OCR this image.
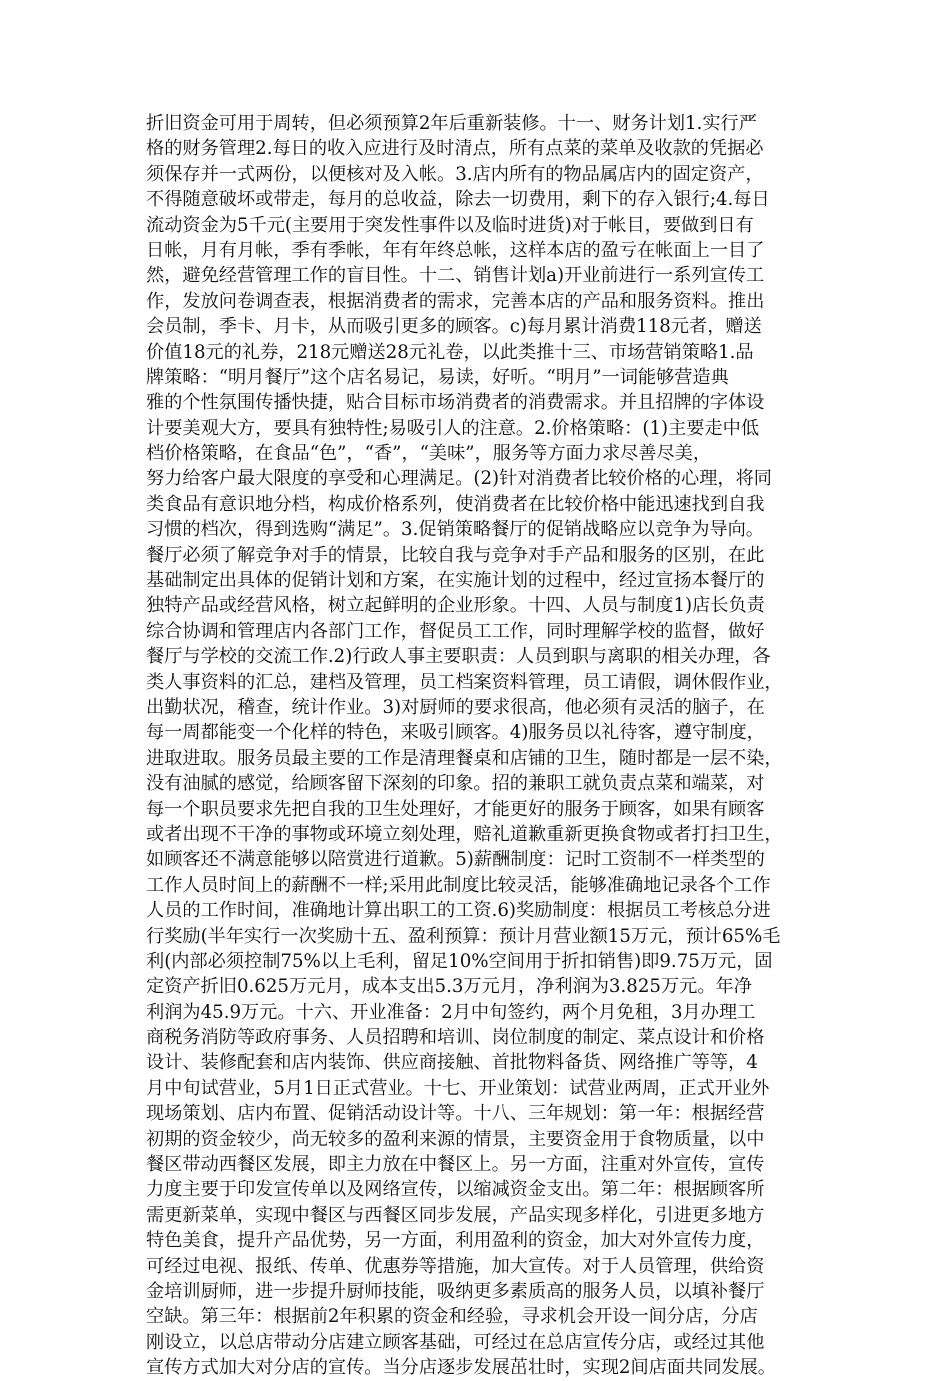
折旧资金可用于周转，但必须预算2年后重新装修。十一、财务计划1.实行严
格的财务管理2.每日的收入应进行及时清点，所有点菜的菜单及收款的凭据必
须保存并一式两份，以便核对及入帐。3.店内所有的物品属店内的固定资产，
不得随意破坏或带走，每月的总收益，除去一切费用，剩下的存入银行;4.每日
流动资金为5千元(主要用于突发性事件以及临时进货)对于帐目，要做到日有
日帐，月有月帐，季有季帐，年有年终总帐，这样本店的盈亏在帐面上一目了
然，避免经营管理工作的盲目性。十二、销售计划a)开业前进行一系列宣传工
作，发放问卷调查表，根据消费者的需求，完善本店的产品和服务资料。推出
会员制，季卡、月卡，从而吸引更多的顾客。c)每月累计消费118元者，赠送
价值18元的礼券，218元赠送28元礼卷，以此类推十三、市场营销策略1.品
牌策略：“明月餐厅”这个店名易记，易读，好听。“明月”一词能够营造典
雅的个性氛围传播快捷，贴合目标市场消费者的消费需求。并且招牌的字体设
计要美观大方，要具有独特性;易吸引人的注意。2.价格策略：(1)主要走中低
档价格策略，在食品“色”，“香”，“美味”，服务等方面力求尽善尽美，
努力给客户最大限度的享受和心理满足。(2)针对消费者比较价格的心理，将同
类食品有意识地分档，构成价格系列，使消费者在比较价格中能迅速找到自我
习惯的档次，得到选购“满足”。3.促销策略餐厅的促销战略应以竞争为导向。
餐厅必须了解竞争对手的情景，比较自我与竞争对手产品和服务的区别，在此
基础制定出具体的促销计划和方案，在实施计划的过程中，经过宣扬本餐厅的
独特产品或经营风格，树立起鲜明的企业形象。十四、人员与制度1)店长负责
综合协调和管理店内各部门工作，督促员工工作，同时理解学校的监督，做好
餐厅与学校的交流工作.2)行政人事主要职责：人员到职与离职的相关办理，各
类人事资料的汇总，建档及管理，员工档案资料管理，员工请假，调休假作业，
出勤状况，稽查，统计作业。3)对厨师的要求很高，他必须有灵活的脑子，在
每一周都能变一个化样的特色，来吸引顾客。4)服务员以礼待客，遵守制度，
进取进取。服务员最主要的工作是清理餐桌和店铺的卫生，随时都是一层不染，
没有油腻的感觉，给顾客留下深刻的印象。招的兼职工就负责点菜和端菜，对
每一个职员要求先把自我的卫生处理好，才能更好的服务于顾客，如果有顾客
或者出现不干净的事物或环境立刻处理，赔礼道歉重新更换食物或者打扫卫生，
如顾客还不满意能够以陪赏进行道歉。5)薪酬制度：记时工资制不一样类型的
工作人员时间上的薪酬不一样;采用此制度比较灵活，能够准确地记录各个工作
人员的工作时间，准确地计算出职工的工资.6)奖励制度：根据员工考核总分进
行奖励(半年实行一次奖励十五、盈利预算：预计月营业额15万元，预计65%毛
利(内部必须控制75%以上毛利，留足10%空间用于折扣销售)即9.75万元，固
定资产折旧0.625万元月，成本支出5.3万元月，净利润为3.825万元。年净
利润为45.9万元。十六、开业准备：2月中旬签约，两个月免租，3月办理工
商税务消防等政府事务、人员招聘和培训、岗位制度的制定、菜点设计和价格
设计、装修配套和店内装饰、供应商接触、首批物料备货、网络推广等等，4
月中旬试营业，5月1日正式营业。十七、开业策划：试营业两周，正式开业外
现场策划、店内布置、促销活动设计等。十八、三年规划：第一年：根据经营
初期的资金较少，尚无较多的盈利来源的情景，主要资金用于食物质量，以中
餐区带动西餐区发展，即主力放在中餐区上。另一方面，注重对外宣传，宣传
力度主要于印发宣传单以及网络宣传，以缩减资金支出。第二年：根据顾客所
需更新菜单，实现中餐区与西餐区同步发展，产品实现多样化，引进更多地方
特色美食，提升产品优势，另一方面，利用盈利的资金，加大对外宣传力度，
可经过电视、报纸、传单、优惠券等措施，加大宣传。对于人员管理，供给资
金培训厨师，进一步提升厨师技能，吸纳更多素质高的服务人员，以填补餐厅
空缺。第三年：根据前2年积累的资金和经验，寻求机会开设一间分店，分店
刚设立，以总店带动分店建立顾客基础，可经过在总店宣传分店，或经过其他
宣传方式加大对分店的宣传。当分店逐步发展茁壮时，实现2间店面共同发展。
